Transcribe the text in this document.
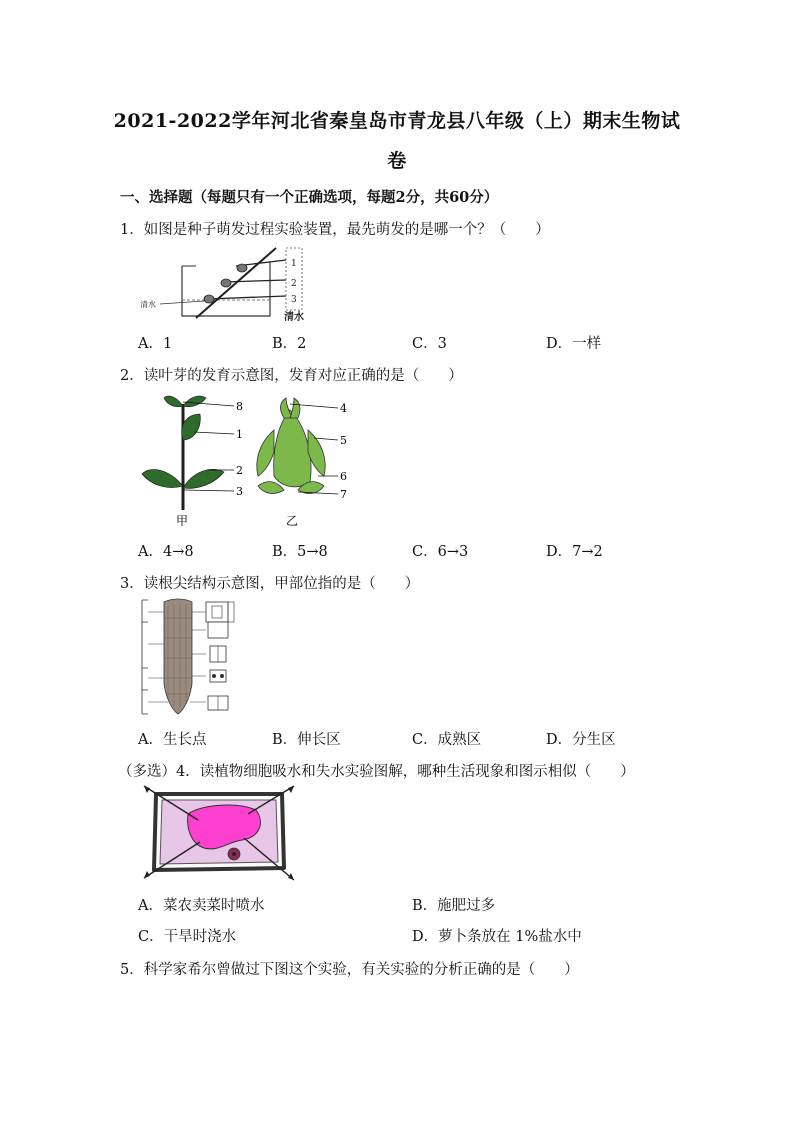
2021-2022学年河北省秦皇岛市青龙县八年级（上）期末生物试
卷
一、选择题（每题只有一个正确选项，每题2分，共60分）
1．如图是种子萌发过程实验装置，最先萌发的是哪一个？（　　）
清水
1
2
3
清水
A．1	B．2	C．3	D．一样
2．读叶芽的发育示意图，发育对应正确的是（　　）
8
1
2
3
甲
4
5
6
7
乙
A．4→8	B．5→8	C．6→3	D．7→2
3．读根尖结构示意图，甲部位指的是（　　）
A．生长点	B．伸长区	C．成熟区	D．分生区
（多选）4．读植物细胞吸水和失水实验图解，哪种生活现象和图示相似（　　）
A．菜农卖菜时喷水	B．施肥过多
C．干旱时浇水	D．萝卜条放在 1%盐水中
5．科学家希尔曾做过下图这个实验，有关实验的分析正确的是（　　）
